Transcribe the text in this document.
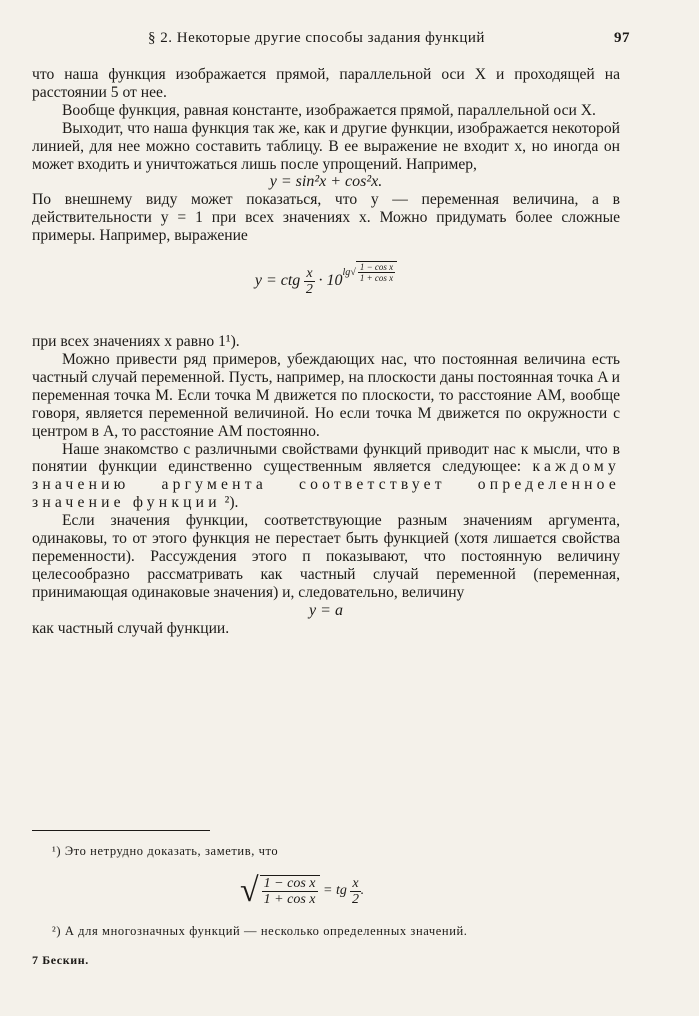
§ 2. Некоторые другие способы задания функций	97

что наша функция изображается прямой, параллельной оси X и проходящей на расстоянии 5 от нее.

Вообще функция, равная константе, изображается прямой, параллельной оси X.

Выходит, что наша функция так же, как и другие функции, изображается некоторой линией, для нее можно составить таблицу. В ее выражение не входит x, но иногда он может входить и уничтожаться лишь после упрощений. Например,

y = sin²x + cos²x.

По внешнему виду может показаться, что y — переменная величина, а в действительности y = 1 при всех значениях x. Можно придумать более сложные примеры. Например, выражение

y = ctg
$\frac{x}{2}$
· 10 $\lg√ \frac{\text{1 − cos x}}{\text{1 + cos x}}$

при всех значениях x равно 1¹).

Можно привести ряд примеров, убеждающих нас, что постоянная величина есть частный случай переменной. Пусть, например, на плоскости даны постоянная точка A и переменная точка M. Если точка M движется по плоскости, то расстояние AM, вообще говоря, является переменной величиной. Но если точка M движется по окружности с центром в A, то расстояние AM постоянно.

Наше знакомство с различными свойствами функций приводит нас к мысли, что в понятии функции единственно существенным является следующее: каждому значению аргумента соответствует определенное значение функции ²).

Если значения функции, соответствующие разным значениям аргумента, одинаковы, то от этого функция не перестает быть функцией (хотя лишается свойства переменности). Рассуждения этого п показывают, что постоянную величину целесообразно рассматривать как частный случай переменной (переменная, принимающая одинаковые значения) и, следовательно, величину

y = a

как частный случай функции.

¹) Это нетрудно доказать, заметив, что
√ $\frac{\text{1 − cos x}}{\text{1 + cos x}}$
= tg
$\frac{x}{2}$ .
²) А для многозначных функций — несколько определенных значений.
7 Бескин.
